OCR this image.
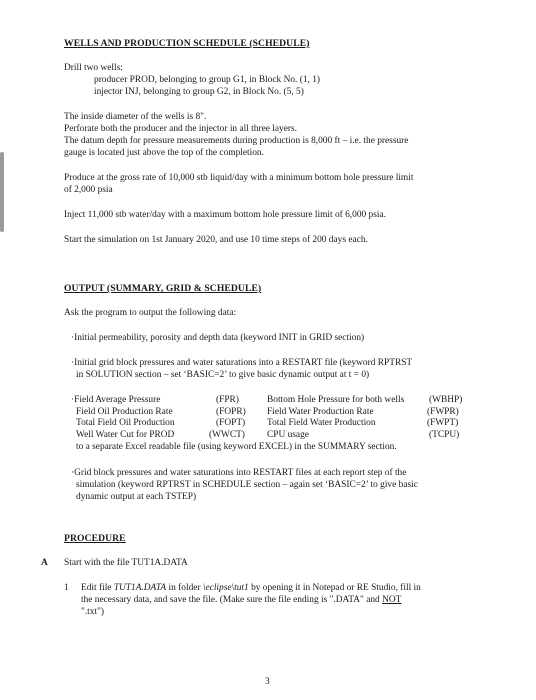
WELLS AND PRODUCTION SCHEDULE (SCHEDULE)
Drill two wells:
producer PROD, belonging to group G1, in Block No. (1, 1)
injector INJ, belonging to group G2, in Block No. (5, 5)
The inside diameter of the wells is 8".
Perforate both the producer and the injector in all three layers.
The datum depth for pressure measurements during production is 8,000 ft – i.e. the pressure
gauge is located just above the top of the completion.
Produce at the gross rate of 10,000 stb liquid/day with a minimum bottom hole pressure limit
of 2,000 psia
Inject 11,000 stb water/day with a maximum bottom hole pressure limit of 6,000 psia.
Start the simulation on 1st January 2020, and use 10 time steps of 200 days each.
OUTPUT (SUMMARY, GRID & SCHEDULE)
Ask the program to output the following data:
·Initial permeability, porosity and depth data (keyword INIT in GRID section)
·Initial grid block pressures and water saturations into a RESTART file (keyword RPTRST
in SOLUTION section – set ‘BASIC=2’ to give basic dynamic output at t = 0)
·Field Average Pressure	(FPR)	Bottom Hole Pressure for both wells	(WBHP)
Field Oil Production Rate	(FOPR) Field Water Production Rate	(FWPR)
Total Field Oil Production	(FOPT) Total Field Water Production	(FWPT)
Well Water Cut for PROD	(WWCT) CPU usage	(TCPU)
to a separate Excel readable file (using keyword EXCEL) in the SUMMARY section.
·Grid block pressures and water saturations into RESTART files at each report step of the
simulation (keyword RPTRST in SCHEDULE section – again set ‘BASIC=2’ to give basic
dynamic output at each TSTEP)
PROCEDURE
A Start with the file TUT1A.DATA
1 Edit file TUT1A.DATA in folder \eclipse\tut1 by opening it in Notepad or RE Studio, fill in
the necessary data, and save the file. (Make sure the file ending is ".DATA" and NOT
".txt")
3
